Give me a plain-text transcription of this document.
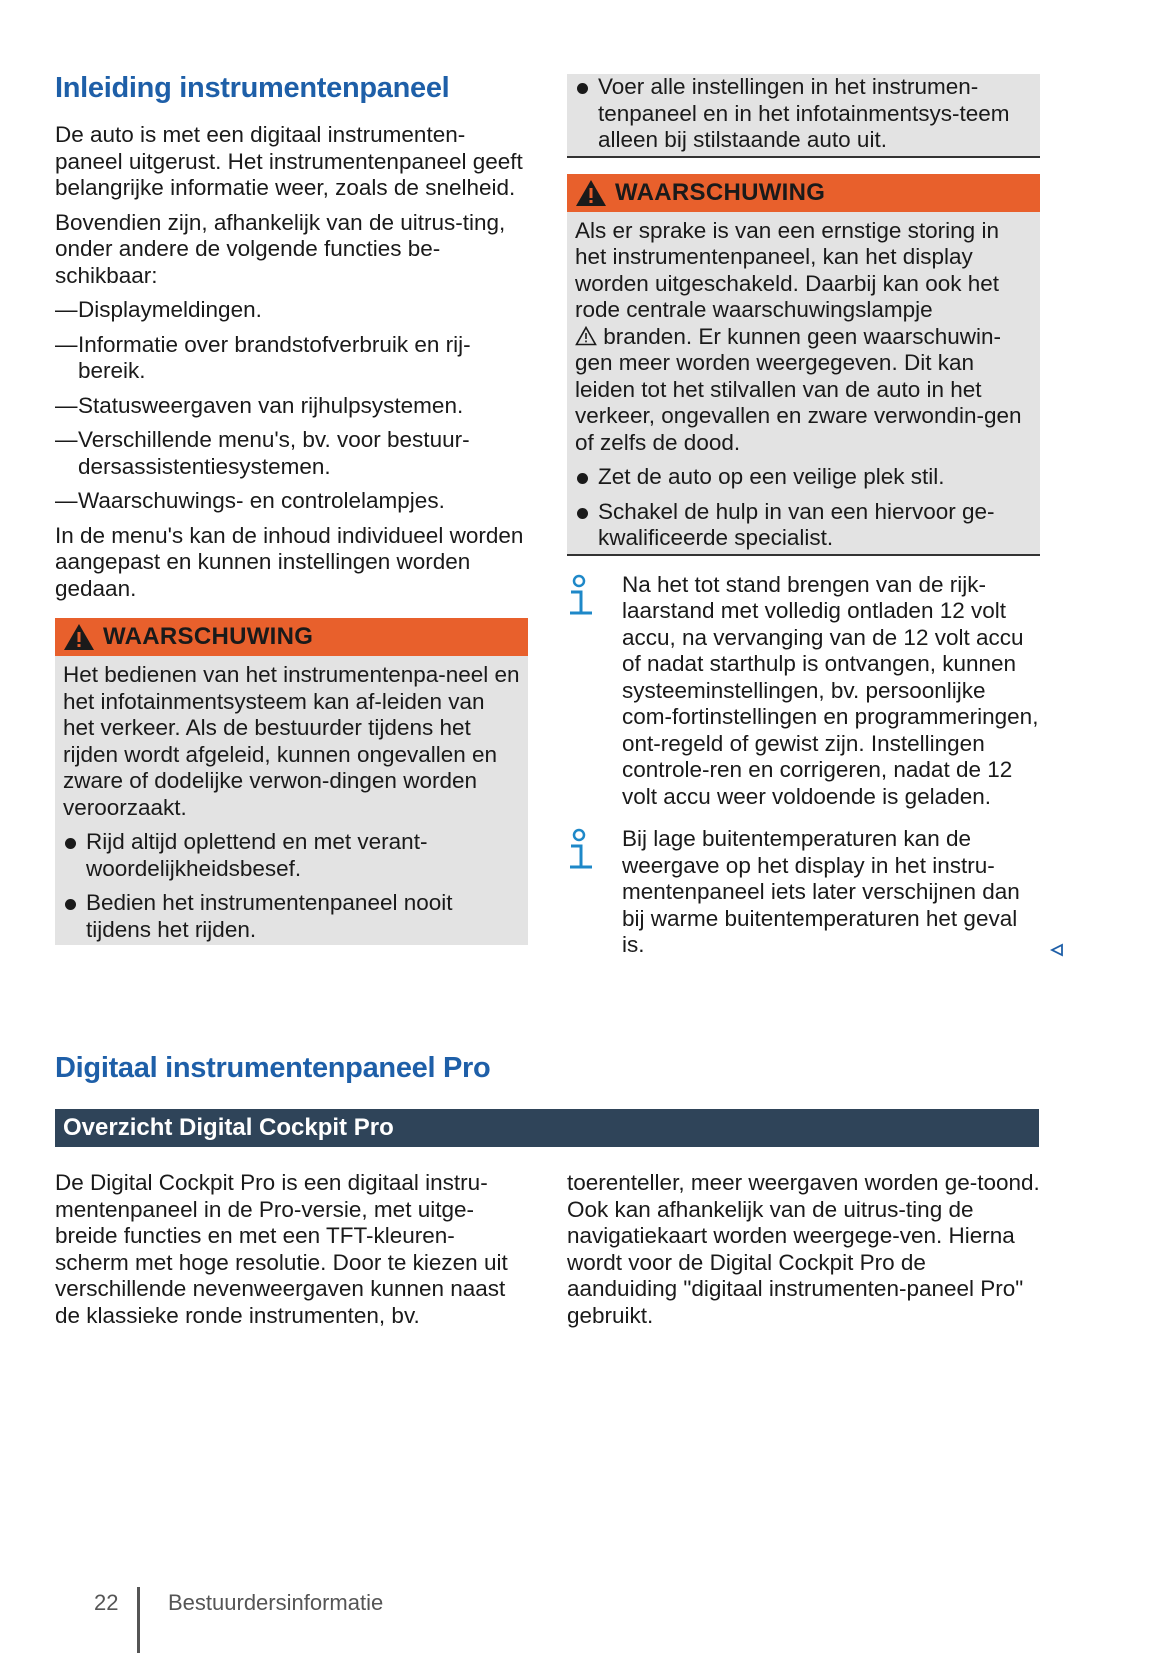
Inleiding instrumentenpaneel

De auto is met een digitaal instrumenten-paneel uitgerust. Het instrumentenpaneel geeft belangrijke informatie weer, zoals de snelheid.

Bovendien zijn, afhankelijk van de uitrus-ting, onder andere de volgende functies be-schikbaar:

— Displaymeldingen.
— Informatie over brandstofverbruik en rij-bereik.
— Statusweergaven van rijhulpsystemen.
— Verschillende menu's, bv. voor bestuur-dersassistentiesystemen.
— Waarschuwings- en controlelampjes.

In de menu's kan de inhoud individueel worden aangepast en kunnen instellingen worden gedaan.

WAARSCHUWING

Het bedienen van het instrumentenpa-neel en het infotainmentsysteem kan af-leiden van het verkeer. Als de bestuurder tijdens het rijden wordt afgeleid, kunnen ongevallen en zware of dodelijke verwon-dingen worden veroorzaakt.

Rijd altijd oplettend en met verant-woordelijkheidsbesef.
Bedien het instrumentenpaneel nooit tijdens het rijden.
Voer alle instellingen in het instrumen-tenpaneel en in het infotainmentsys-teem alleen bij stilstaande auto uit.
WAARSCHUWING

Als er sprake is van een ernstige storing in het instrumentenpaneel, kan het display worden uitgeschakeld. Daarbij kan ook het rode centrale waarschuwingslampje
branden. Er kunnen geen waarschuwin-gen meer worden weergegeven. Dit kan leiden tot het stilvallen van de auto in het verkeer, ongevallen en zware verwondin-gen of zelfs de dood.

Zet de auto op een veilige plek stil.
Schakel de hulp in van een hiervoor ge-kwalificeerde specialist.

Na het tot stand brengen van de rijk-laarstand met volledig ontladen 12 volt accu, na vervanging van de 12 volt accu of nadat starthulp is ontvangen, kunnen systeeminstellingen, bv. persoonlijke com-fortinstellingen en programmeringen, ont-regeld of gewist zijn. Instellingen controle-ren en corrigeren, nadat de 12 volt accu weer voldoende is geladen.

Bij lage buitentemperaturen kan de weergave op het display in het instru-mentenpaneel iets later verschijnen dan bij warme buitentemperaturen het geval is.

Digitaal instrumentenpaneel Pro
Overzicht Digital Cockpit Pro

De Digital Cockpit Pro is een digitaal instru-mentenpaneel in de Pro-versie, met uitge-breide functies en met een TFT-kleuren-scherm met hoge resolutie. Door te kiezen uit verschillende nevenweergaven kunnen naast de klassieke ronde instrumenten, bv.

toerenteller, meer weergaven worden ge-toond. Ook kan afhankelijk van de uitrus-ting de navigatiekaart worden weergege-ven. Hierna wordt voor de Digital Cockpit Pro de aanduiding "digitaal instrumenten-paneel Pro" gebruikt.

22 Bestuurdersinformatie
